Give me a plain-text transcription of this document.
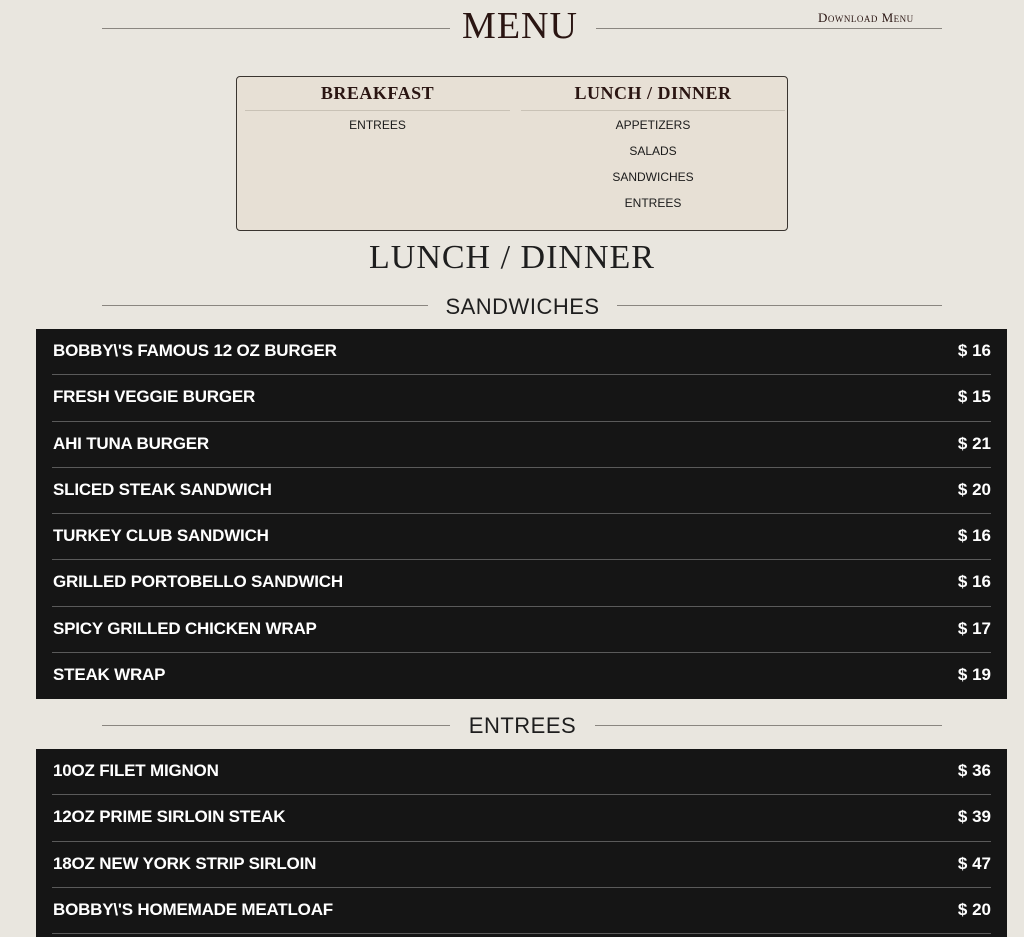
MENU	Download Menu
BREAKFAST
ENTREES
LUNCH / DINNER
APPETIZERS
SALADS
SANDWICHES
ENTREES
LUNCH / DINNER
SANDWICHES
BOBBY\'S FAMOUS 12 OZ BURGER	$ 16
FRESH VEGGIE BURGER	$ 15
AHI TUNA BURGER	$ 21
SLICED STEAK SANDWICH	$ 20
TURKEY CLUB SANDWICH	$ 16
GRILLED PORTOBELLO SANDWICH	$ 16
SPICY GRILLED CHICKEN WRAP	$ 17
STEAK WRAP	$ 19
ENTREES
10OZ FILET MIGNON	$ 36
12OZ PRIME SIRLOIN STEAK	$ 39
18OZ NEW YORK STRIP SIRLOIN	$ 47
BOBBY\'S HOMEMADE MEATLOAF	$ 20
